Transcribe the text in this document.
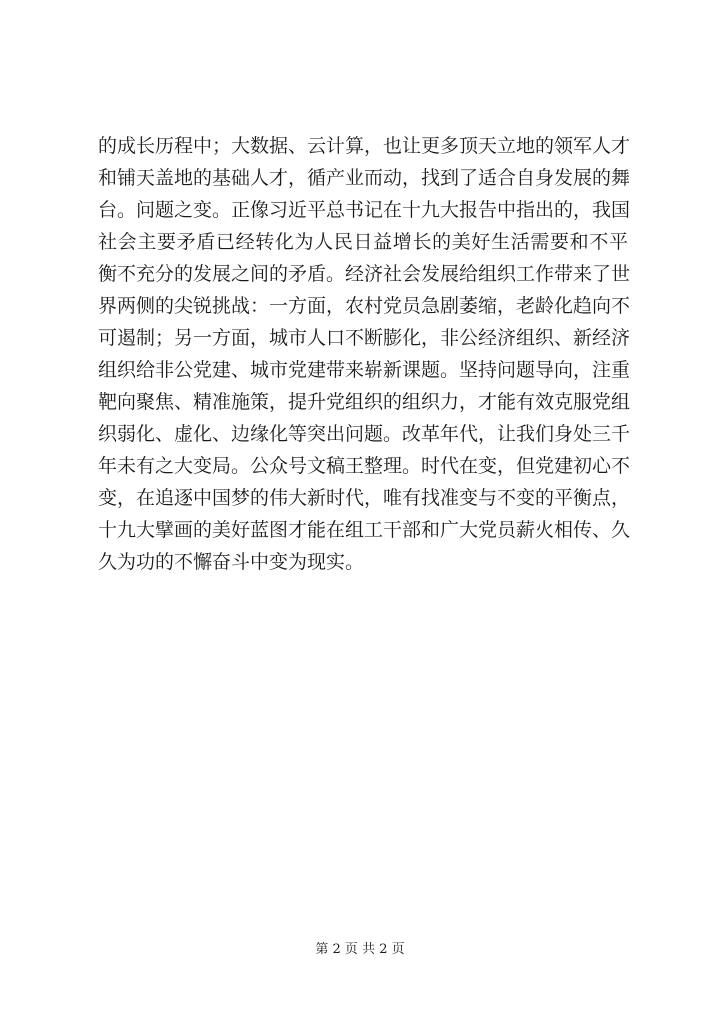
的成长历程中；大数据、云计算，也让更多顶天立地的领军人才
和铺天盖地的基础人才，循产业而动，找到了适合自身发展的舞
台。问题之变。正像习近平总书记在十九大报告中指出的，我国
社会主要矛盾已经转化为人民日益增长的美好生活需要和不平
衡不充分的发展之间的矛盾。经济社会发展给组织工作带来了世
界两侧的尖锐挑战：一方面，农村党员急剧萎缩，老龄化趋向不
可遏制；另一方面，城市人口不断膨化，非公经济组织、新经济
组织给非公党建、城市党建带来崭新课题。坚持问题导向，注重
靶向聚焦、精准施策，提升党组织的组织力，才能有效克服党组
织弱化、虚化、边缘化等突出问题。改革年代，让我们身处三千
年未有之大变局。公众号文稿王整理。时代在变，但党建初心不
变，在追逐中国梦的伟大新时代，唯有找准变与不变的平衡点，
十九大擘画的美好蓝图才能在组工干部和广大党员薪火相传、久
久为功的不懈奋斗中变为现实。
第 2 页 共 2 页
